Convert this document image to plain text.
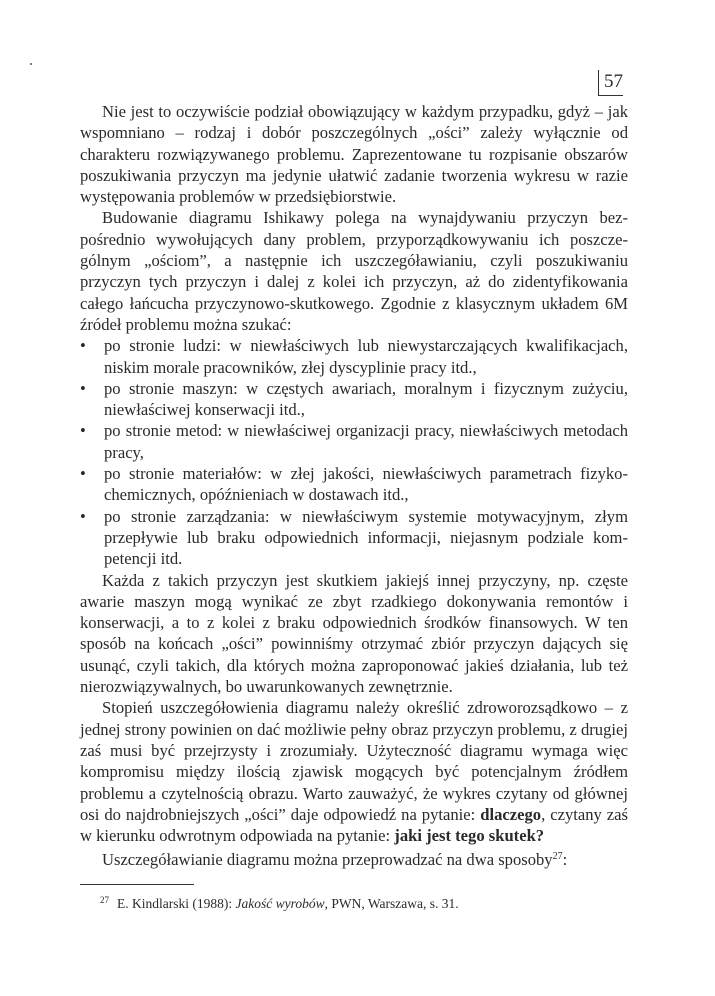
57

Nie jest to oczywiście podział obowiązujący w każdym przypadku, gdyż – jak wspomniano – rodzaj i dobór poszczególnych „ości” zależy wyłącznie od charakteru rozwiązywanego problemu. Zaprezentowane tu rozpisanie obszarów poszukiwania przyczyn ma jedynie ułatwić zadanie tworzenia wykresu w razie występowania problemów w przedsiębiorstwie.

Budowanie diagramu Ishikawy polega na wynajdywaniu przyczyn bezpośrednio wywołujących dany problem, przyporządkowywaniu ich poszczególnym „ościom”, a następnie ich uszczegóławianiu, czyli poszukiwaniu przyczyn tych przyczyn i dalej z kolei ich przyczyn, aż do zidentyfikowania całego łańcucha przyczynowo-skutkowego. Zgodnie z klasycznym układem 6M źródeł problemu można szukać:

• po stronie ludzi: w niewłaściwych lub niewystarczających kwalifikacjach, niskim morale pracowników, złej dyscyplinie pracy itd.,
• po stronie maszyn: w częstych awariach, moralnym i fizycznym zużyciu, niewłaściwej konserwacji itd.,
• po stronie metod: w niewłaściwej organizacji pracy, niewłaściwych metodach pracy,
• po stronie materiałów: w złej jakości, niewłaściwych parametrach fizykochemicznych, opóźnieniach w dostawach itd.,
• po stronie zarządzania: w niewłaściwym systemie motywacyjnym, złym przepływie lub braku odpowiednich informacji, niejasnym podziale kompetencji itd.

Każda z takich przyczyn jest skutkiem jakiejś innej przyczyny, np. częste awarie maszyn mogą wynikać ze zbyt rzadkiego dokonywania remontów i konserwacji, a to z kolei z braku odpowiednich środków finansowych. W ten sposób na końcach „ości” powinniśmy otrzymać zbiór przyczyn dających się usunąć, czyli takich, dla których można zaproponować jakieś działania, lub też nierozwiązywalnych, bo uwarunkowanych zewnętrznie.

Stopień uszczegółowienia diagramu należy określić zdroworozsądkowo – z jednej strony powinien on dać możliwie pełny obraz przyczyn problemu, z drugiej zaś musi być przejrzysty i zrozumiały. Użyteczność diagramu wymaga więc kompromisu między ilością zjawisk mogących być potencjalnym źródłem problemu a czytelnością obrazu. Warto zauważyć, że wykres czytany od głównej osi do najdrobniejszych „ości” daje odpowiedź na pytanie: dlaczego, czytany zaś w kierunku odwrotnym odpowiada na pytanie: jaki jest tego skutek?

Uszczegóławianie diagramu można przeprowadzać na dwa sposoby$^{27}$:

$^{27}$ E. Kindlarski (1988): Jakość wyrobów, PWN, Warszawa, s. 31.
